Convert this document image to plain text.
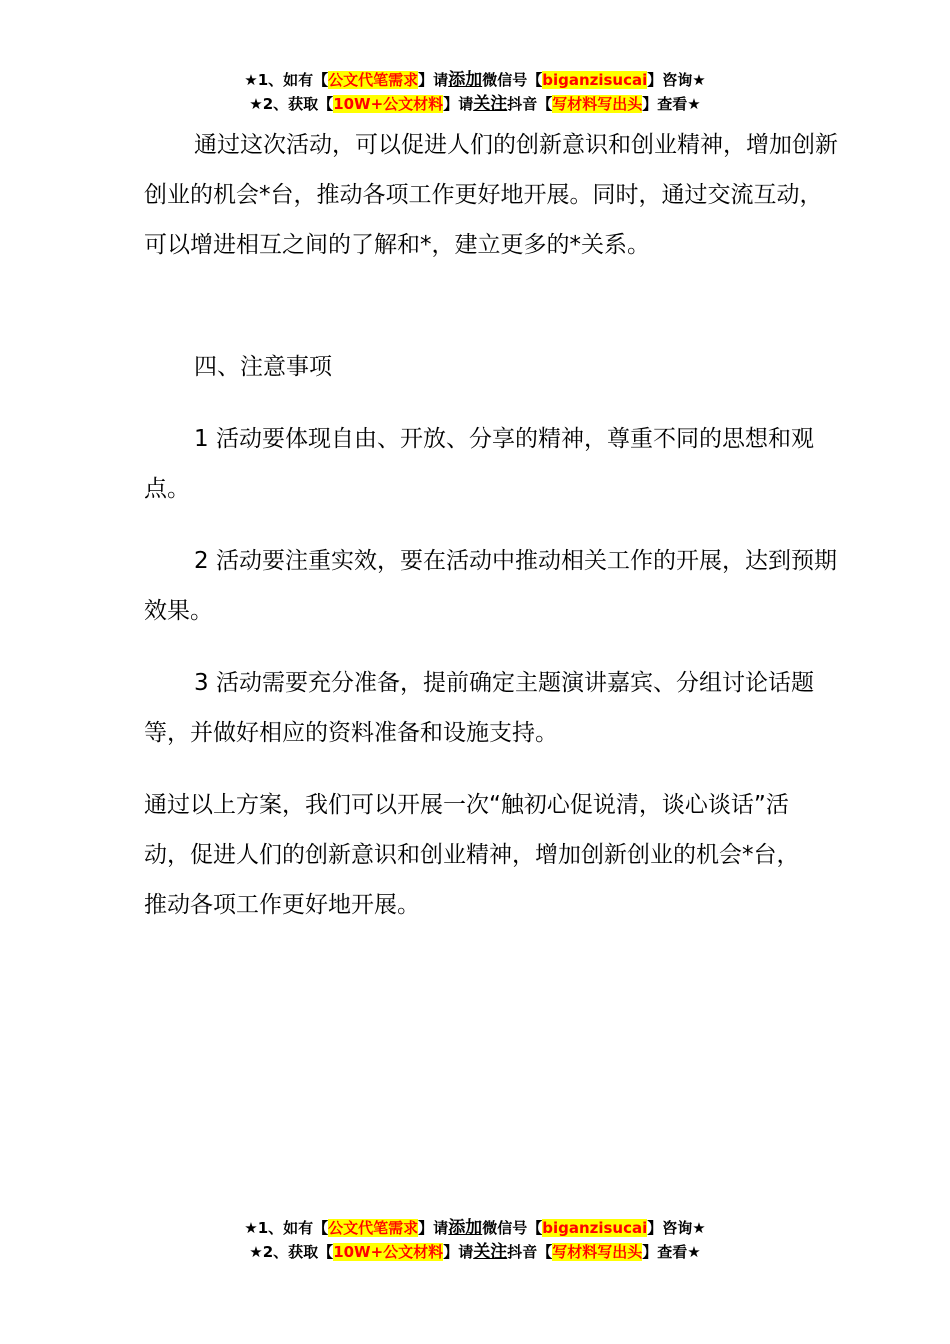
★1、如有【公文代笔需求】请添加微信号【biganzisucai】咨询★
★2、获取【10W+公文材料】请关注抖音【写材料写出头】查看★

通过这次活动，可以促进人们的创新意识和创业精神，增加创新创业的机会*台，推动各项工作更好地开展。同时，通过交流互动，可以增进相互之间的了解和*，建立更多的*关系。

四、注意事项

1 活动要体现自由、开放、分享的精神，尊重不同的思想和观点。

2 活动要注重实效，要在活动中推动相关工作的开展，达到预期效果。

3 活动需要充分准备，提前确定主题演讲嘉宾、分组讨论话题等，并做好相应的资料准备和设施支持。

通过以上方案，我们可以开展一次“触初心促说清，谈心谈话”活动，促进人们的创新意识和创业精神，增加创新创业的机会*台，推动各项工作更好地开展。

★1、如有【公文代笔需求】请添加微信号【biganzisucai】咨询★
★2、获取【10W+公文材料】请关注抖音【写材料写出头】查看★
